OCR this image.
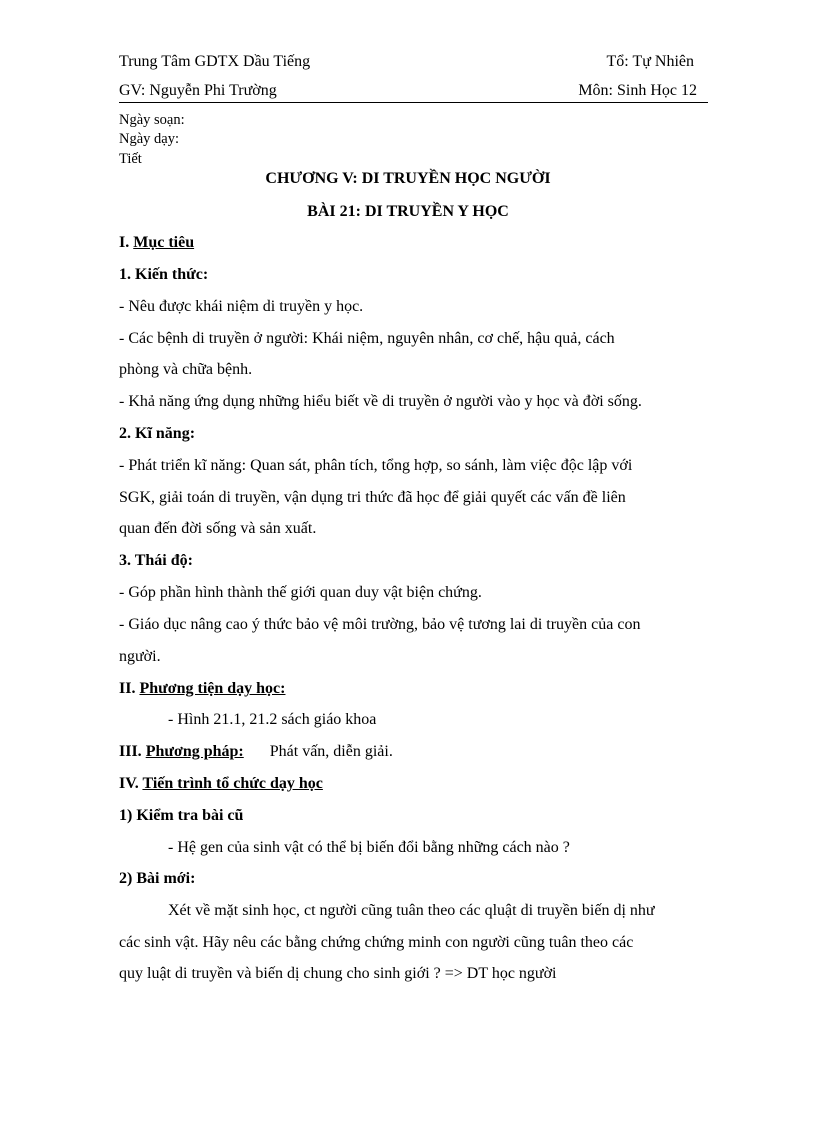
Trung Tâm GDTX Dầu Tiếng	Tổ: Tự Nhiên
GV: Nguyễn Phi Trường	Môn: Sinh Học 12
Ngày soạn:
Ngày dạy:
Tiết
CHƯƠNG V: DI TRUYỀN HỌC NGƯỜI
BÀI 21: DI TRUYỀN Y HỌC
I. Mục tiêu
1. Kiến thức:
- Nêu được khái niệm di truyền y học.
- Các bệnh di truyền ở người: Khái niệm, nguyên nhân, cơ chế, hậu quả, cách
phòng và chữa bệnh.
- Khả năng ứng dụng những hiểu biết về di truyền ở người vào y học và đời sống.
2. Kĩ năng:
- Phát triển kĩ năng: Quan sát, phân tích, tổng hợp, so sánh, làm việc độc lập với
SGK, giải toán di truyền, vận dụng tri thức đã học để giải quyết các vấn đề liên
quan đến đời sống và sản xuất.
3. Thái độ:
- Góp phần hình thành thế giới quan duy vật biện chứng.
- Giáo dục nâng cao ý thức bảo vệ môi trường, bảo vệ tương lai di truyền của con
người.
II. Phương tiện dạy học:
- Hình 21.1, 21.2 sách giáo khoa
III. Phương pháp: Phát vấn, diễn giải.
IV. Tiến trình tổ chức dạy học
1) Kiểm tra bài cũ
- Hệ gen của sinh vật có thể bị biến đổi bằng những cách nào ?
2) Bài mới:
Xét về mặt sinh học, ct người cũng tuân theo các qluật di truyền biến dị như
các sinh vật. Hãy nêu các bằng chứng chứng minh con người cũng tuân theo các
quy luật di truyền và biến dị chung cho sinh giới ? => DT học người
